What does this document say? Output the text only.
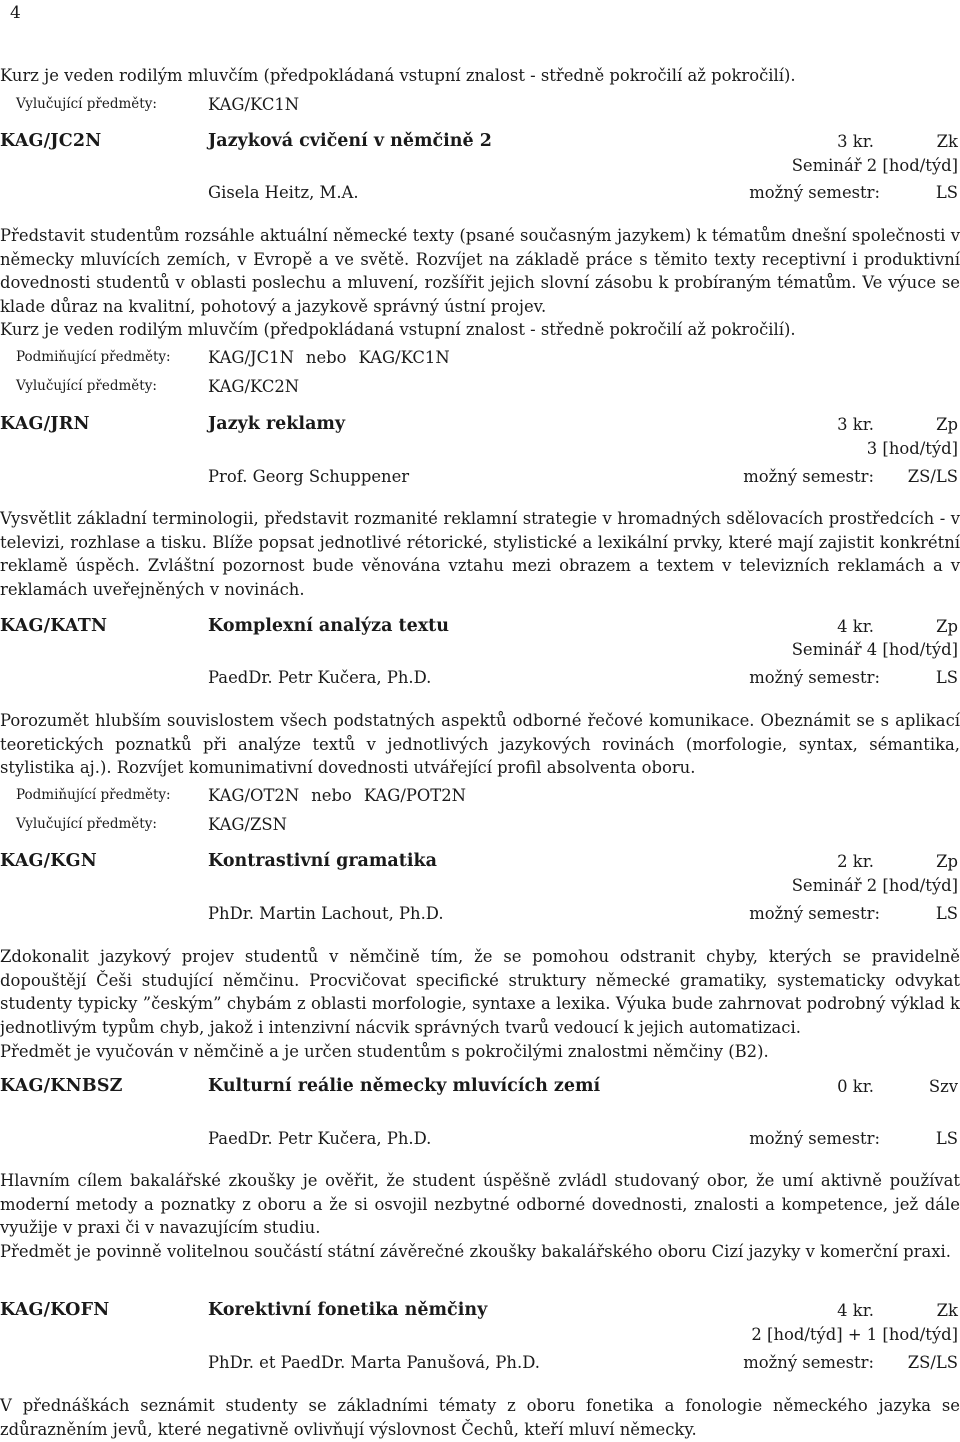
4

Kurz je veden rodilým mluvčím (předpokládaná vstupní znalost - středně pokročilí až pokročilí).

Vylučující předměty:	KAG/KC1N
KAG/JC2N	Jazyková cvičení v němčině 2	3 kr.	Zk
Seminář 2 [hod/týd]
Gisela Heitz, M.A.	možný semestr:	LS

Představit studentům rozsáhle aktuální německé texty (psané současným jazykem) k tématům dnešní společnosti v německy mluvících zemích, v Evropě a ve světě. Rozvíjet na základě práce s těmito texty receptivní i produktivní dovednosti studentů v oblasti poslechu a mluvení, rozšířit jejich slovní zásobu k probíraným tématům. Ve výuce se klade důraz na kvalitní, pohotový a jazykově správný ústní projev.

Kurz je veden rodilým mluvčím (předpokládaná vstupní znalost - středně pokročilí až pokročilí).

Podmiňující předměty: KAG/JC1N nebo KAG/KC1N
Vylučující předměty:	KAG/KC2N
KAG/JRN	Jazyk reklamy	3 kr.	Zp
3 [hod/týd]
Prof. Georg Schuppener	možný semestr: ZS/LS

Vysvětlit základní terminologii, představit rozmanité reklamní strategie v hromadných sdělovacích prostředcích - v televizi, rozhlase a tisku. Blíže popsat jednotlivé rétorické, stylistické a lexikální prvky, které mají zajistit konkrétní reklamě úspěch. Zvláštní pozornost bude věnována vztahu mezi obrazem a textem v televizních reklamách a v reklamách uveřejněných v novinách.

KAG/KATN	Komplexní analýza textu	4 kr.	Zp
Seminář 4 [hod/týd]
PaedDr. Petr Kučera, Ph.D.	možný semestr:	LS

Porozumět hlubším souvislostem všech podstatných aspektů odborné řečové komunikace. Obeznámit se s aplikací teoretických poznatků při analýze textů v jednotlivých jazykových rovinách (morfologie, syntax, sémantika, stylistika aj.). Rozvíjet komunimativní dovednosti utvářející profil absolventa oboru.

Podmiňující předměty: KAG/OT2N nebo KAG/POT2N
Vylučující předměty:	KAG/ZSN
KAG/KGN	Kontrastivní gramatika	2 kr.	Zp
Seminář 2 [hod/týd]
PhDr. Martin Lachout, Ph.D.	možný semestr:	LS

Zdokonalit jazykový projev studentů v němčině tím, že se pomohou odstranit chyby, kterých se pravidelně dopouštějí Češi studující němčinu. Procvičovat specifické struktury německé gramatiky, systematicky odvykat studenty typicky ”českým” chybám z oblasti morfologie, syntaxe a lexika. Výuka bude zahrnovat podrobný výklad k jednotlivým typům chyb, jakož i intenzivní nácvik správných tvarů vedoucí k jejich automatizaci.

Předmět je vyučován v němčině a je určen studentům s pokročilými znalostmi němčiny (B2).

KAG/KNBSZ	Kulturní reálie německy mluvících zemí	0 kr.	Szv
PaedDr. Petr Kučera, Ph.D.	možný semestr:	LS

Hlavním cílem bakalářské zkoušky je ověřit, že student úspěšně zvládl studovaný obor, že umí aktivně používat moderní metody a poznatky z oboru a že si osvojil nezbytné odborné dovednosti, znalosti a kompetence, jež dále využije v praxi či v navazujícím studiu.

Předmět je povinně volitelnou součástí státní závěrečné zkoušky bakalářského oboru Cizí jazyky v komerční praxi.

KAG/KOFN	Korektivní fonetika němčiny	4 kr.	Zk
2 [hod/týd] + 1 [hod/týd]
PhDr. et PaedDr. Marta Panušová, Ph.D.	možný semestr: ZS/LS

V přednáškách seznámit studenty se základními tématy z oboru fonetika a fonologie německého jazyka se zdůrazněním jevů, které negativně ovlivňují výslovnost Čechů, kteří mluví německy.
